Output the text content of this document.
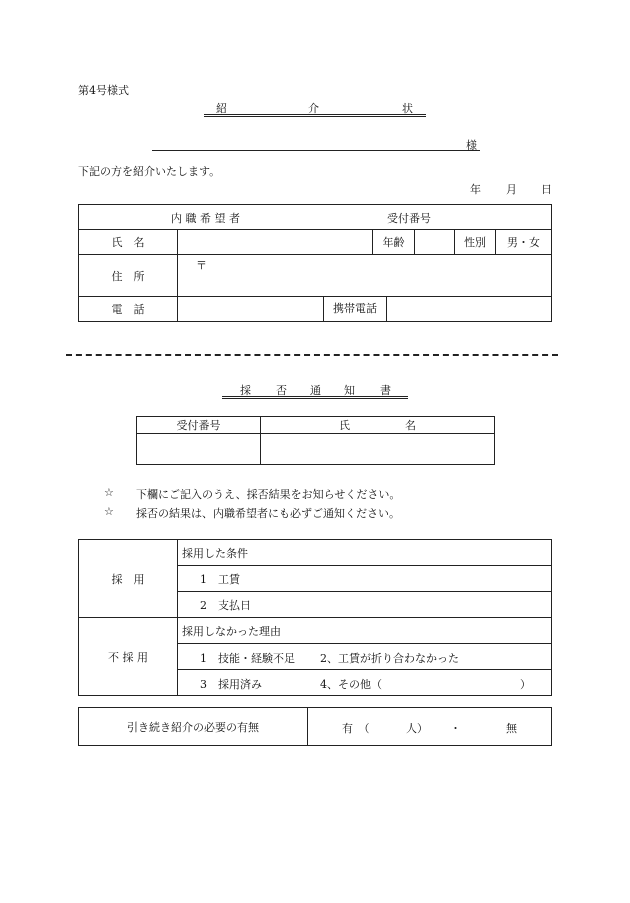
第4号様式
紹	介	状
様
下記の方を紹介いたします。
年 月 日
内 職 希 望 者 受付番号					

氏　名		年齢		性別	男・女
住　所	〒				
電　話		携帯電話			
採 否 通 知 書
受付番号	氏　　　　　名

☆ 下欄にご記入のうえ、採否結果をお知らせください。
☆ 採否の結果は、内職希望者にも必ずご通知ください。
採　用	採用した条件
	1　工賃
	2　支払日
不 採 用	採用しなかった理由

	1　技能・経験不足 2、工賃が折り合わなかった

	3　採用済み 4、その他（ ）
引き続き紹介の必要の有無	有　（	人） ・	無
